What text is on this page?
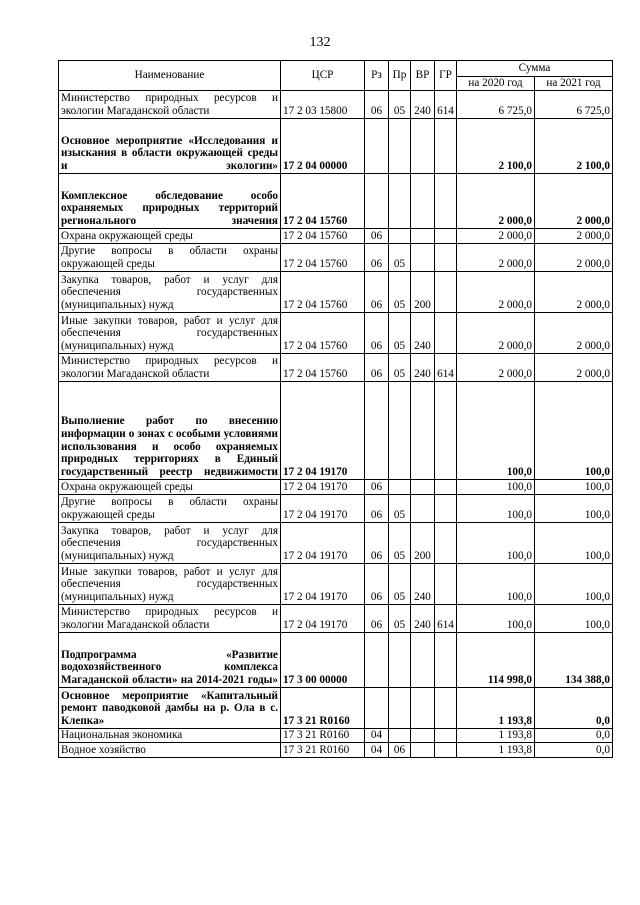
132
Наименование	ЦСР	Рз	Пр	ВР	ГР	Сумма	
						на 2020 год	на 2021 год
Министерство природных ресурсов и экологии Магаданской области	17 2 03 15800	06	05	240	614	6 725,0	6 725,0
Основное мероприятие «Исследования и изыскания в области окружающей среды и экологии»	17 2 04 00000					2 100,0	2 100,0
Комплексное обследование особо охраняемых природных территорий регионального значения	17 2 04 15760					2 000,0	2 000,0
Охрана окружающей среды	17 2 04 15760	06				2 000,0	2 000,0
Другие вопросы в области охраны окружающей среды	17 2 04 15760	06	05			2 000,0	2 000,0
Закупка товаров, работ и услуг для обеспечения государственных (муниципальных) нужд	17 2 04 15760	06	05	200		2 000,0	2 000,0
Иные закупки товаров, работ и услуг для обеспечения государственных (муниципальных) нужд	17 2 04 15760	06	05	240		2 000,0	2 000,0
Министерство природных ресурсов и экологии Магаданской области	17 2 04 15760	06	05	240	614	2 000,0	2 000,0
Выполнение работ по внесению информации о зонах с особыми условиями использования и особо охраняемых природных территориях в Единый государственный реестр недвижимости	17 2 04 19170					100,0	100,0
Охрана окружающей среды	17 2 04 19170	06				100,0	100,0
Другие вопросы в области охраны окружающей среды	17 2 04 19170	06	05			100,0	100,0
Закупка товаров, работ и услуг для обеспечения государственных (муниципальных) нужд	17 2 04 19170	06	05	200		100,0	100,0
Иные закупки товаров, работ и услуг для обеспечения государственных (муниципальных) нужд	17 2 04 19170	06	05	240		100,0	100,0
Министерство природных ресурсов и экологии Магаданской области	17 2 04 19170	06	05	240	614	100,0	100,0
Подпрограмма «Развитие водохозяйственного комплекса Магаданской области» на 2014-2021 годы»	17 3 00 00000					114 998,0	134 388,0
Основное мероприятие «Капитальный ремонт паводковой дамбы на р. Ола в с. Клепка»	17 3 21 R0160					1 193,8	0,0
Национальная экономика	17 3 21 R0160	04				1 193,8	0,0
Водное хозяйство	17 3 21 R0160	04	06			1 193,8	0,0
